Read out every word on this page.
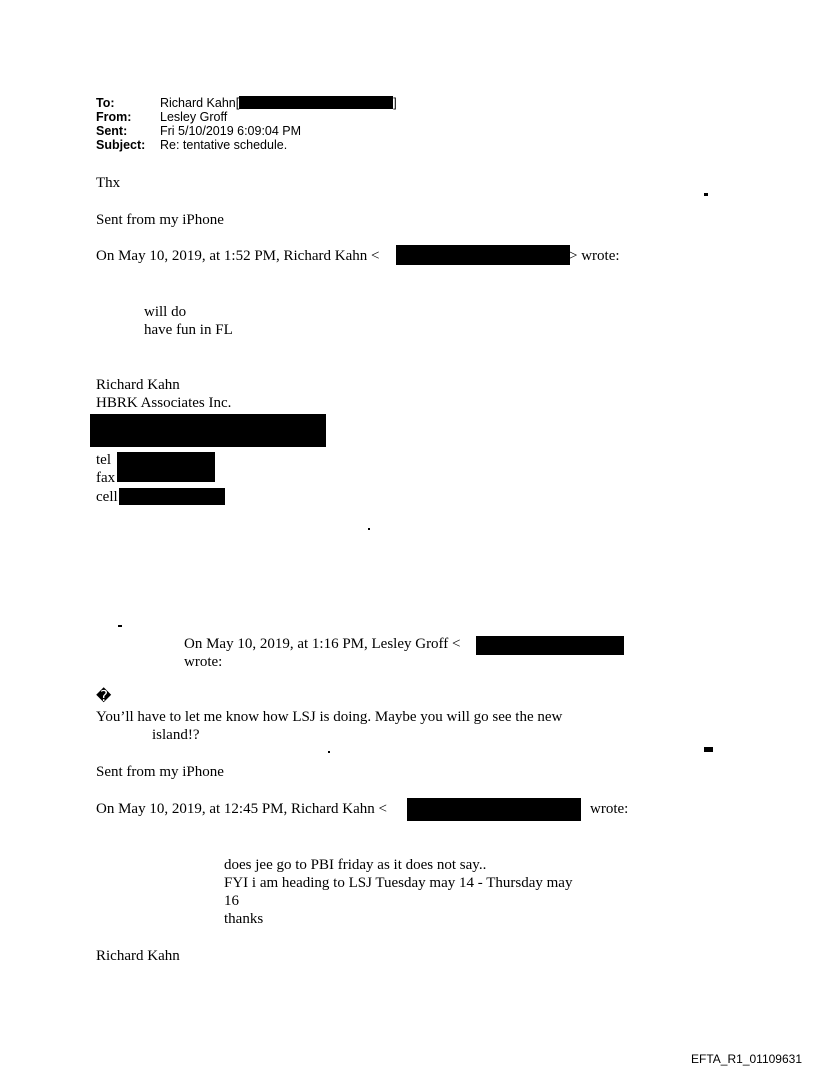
To:	Richard Kahn[	]
From: Lesley Groff
Sent:	Fri 5/10/2019 6:09:04 PM
Subject: Re: tentative schedule.
Thx
Sent from my iPhone
On May 10, 2019, at 1:52 PM, Richard Kahn <	> wrote:
will do
have fun in FL
Richard Kahn
HBRK Associates Inc.
tel
fax
cell
On May 10, 2019, at 1:16 PM, Lesley Groff <
wrote:
�
You’ll have to let me know how LSJ is doing. Maybe you will go see the new
island!?
Sent from my iPhone
On May 10, 2019, at 12:45 PM, Richard Kahn <	wrote:
does jee go to PBI friday as it does not say..
FYI i am heading to LSJ Tuesday may 14 - Thursday may
16
thanks
Richard Kahn
EFTA_R1_01109631
